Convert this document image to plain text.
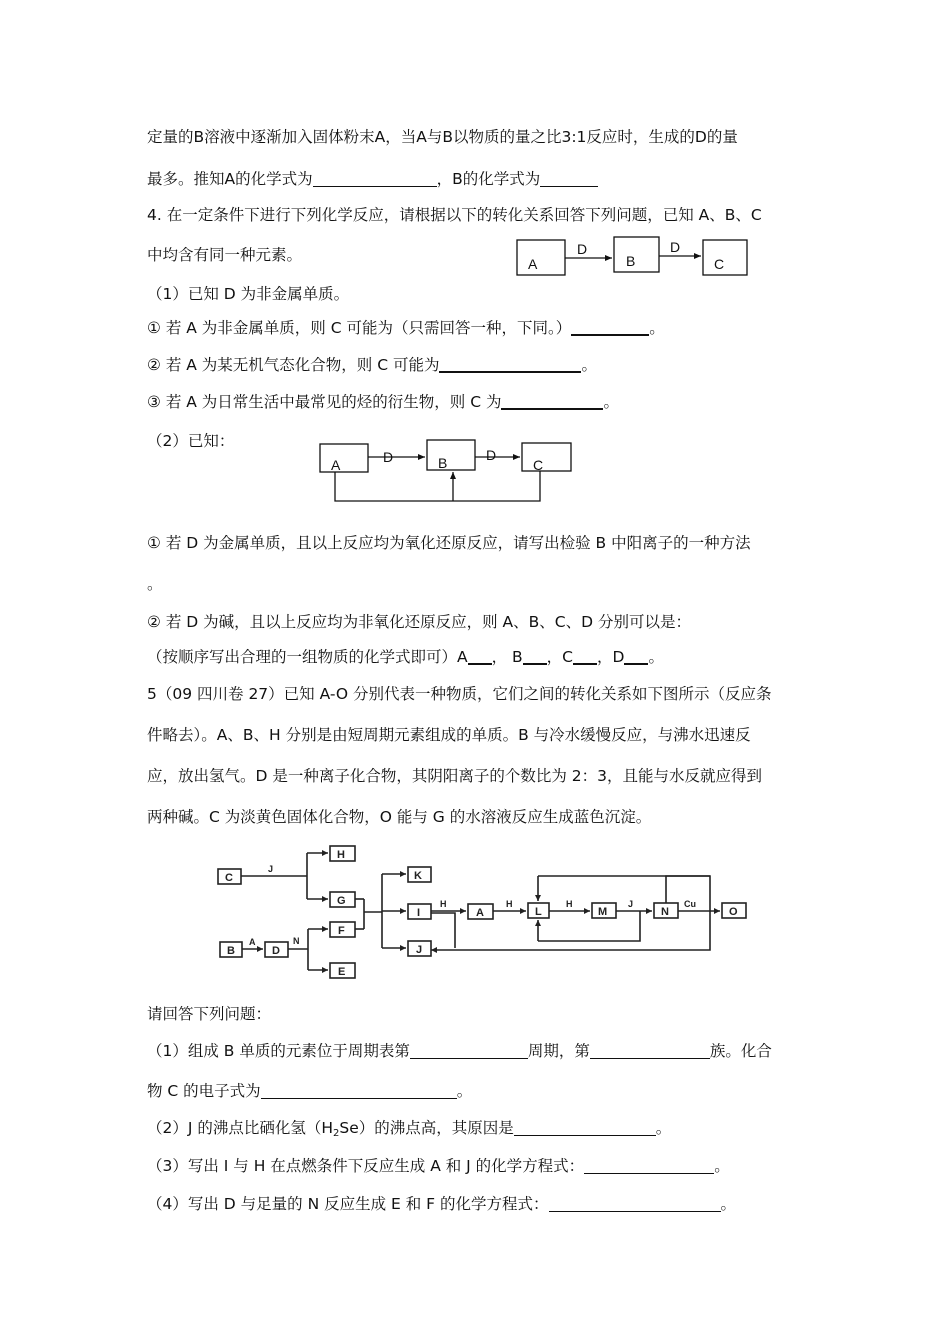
定量的B溶液中逐渐加入固体粉末A，当A与B以物质的量之比3:1反应时，生成的D的量
最多。推知A的化学式为	，B的化学式为
4. 在一定条件下进行下列化学反应，请根据以下的转化关系回答下列问题，已知 A、B、C
中均含有同一种元素。
（1）已知 D 为非金属单质。
① 若 A 为非金属单质，则 C 可能为（只需回答一种，下同。）	。
② 若 A 为某无机气态化合物，则 C 可能为	。
③ 若 A 为日常生活中最常见的烃的衍生物，则 C 为	。
（2）已知：
① 若 D 为金属单质，且以上反应均为氧化还原反应，请写出检验 B 中阳离子的一种方法
。
② 若 D 为碱，且以上反应均为非氧化还原反应，则 A、B、C、D 分别可以是：
（按顺序写出合理的一组物质的化学式即可）A ， B ，C ，D 。
5（09 四川卷 27）已知 A-O 分别代表一种物质，它们之间的转化关系如下图所示（反应条
件略去）。A、B、H 分别是由短周期元素组成的单质。B 与冷水缓慢反应，与沸水迅速反
应，放出氢气。D 是一种离子化合物，其阴阳离子的个数比为 2：3，且能与水反就应得到
两种碱。C 为淡黄色固体化合物，O 能与 G 的水溶液反应生成蓝色沉淀。
请回答下列问题：
（1）组成 B 单质的元素位于周期表第	周期，第	族。化合
物 C 的电子式为	。
（2）J 的沸点比硒化氢（H2Se）的沸点高，其原因是	。
（3）写出 I 与 H 在点燃条件下反应生成 A 和 J 的化学方程式：	。
（4）写出 D 与足量的 N 反应生成 E 和 F 的化学方程式：	。
A	B	C
D	D
A	B	C
D	D
C
H
G
K
I	A	L	M	N	O
F
B	D	J
E
J
H	H	H	J	Cu
A	N
